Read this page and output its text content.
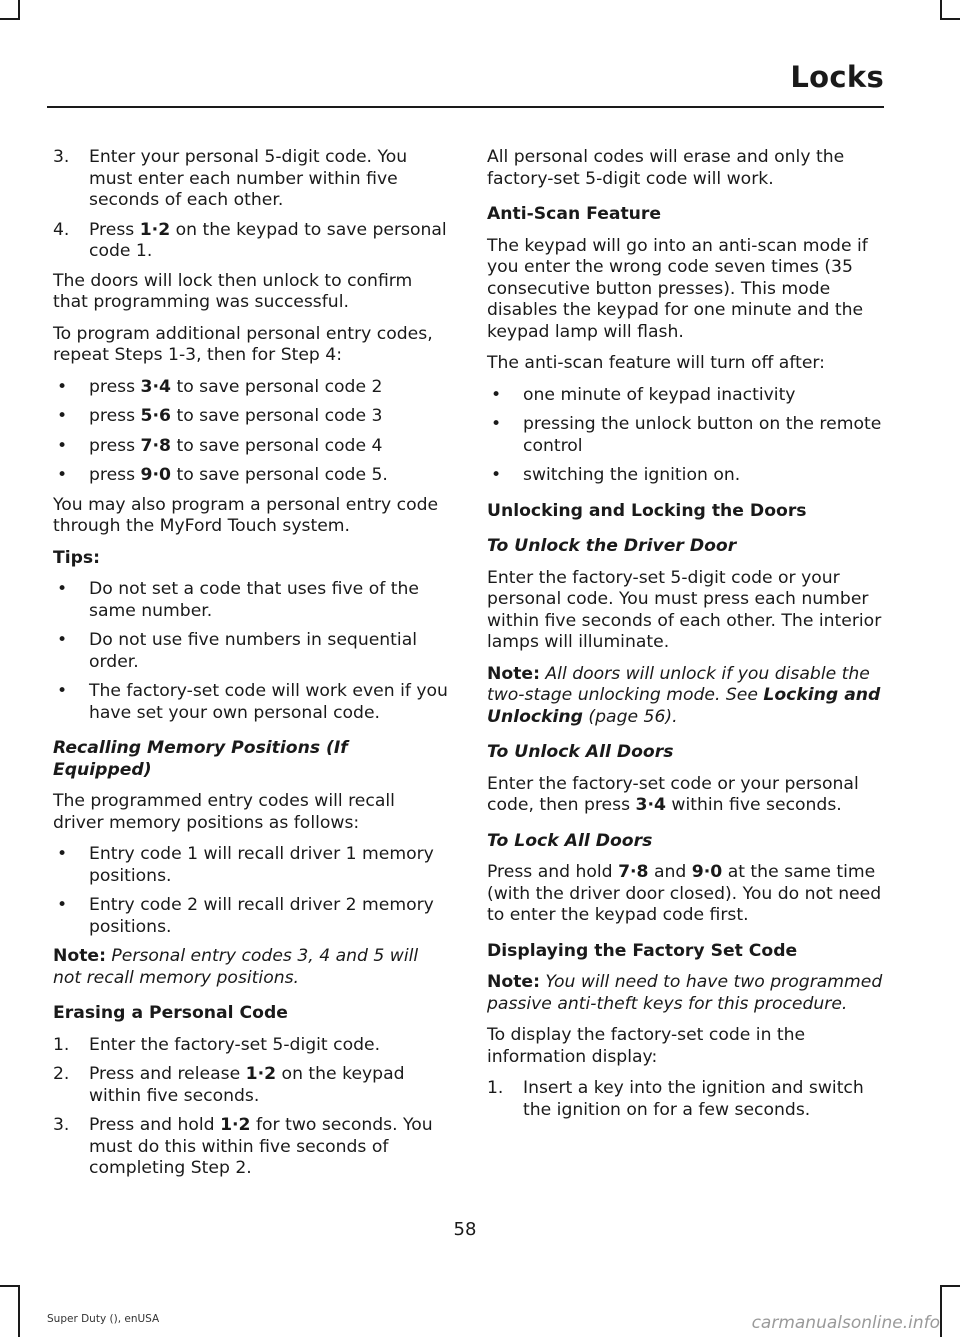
Locks
3. Enter your personal 5-digit code. You must enter each number within five seconds of each other.
4. Press 1·2 on the keypad to save personal code 1.

The doors will lock then unlock to confirm that programming was successful.

To program additional personal entry codes, repeat Steps 1-3, then for Step 4:

• press 3·4 to save personal code 2
• press 5·6 to save personal code 3
• press 7·8 to save personal code 4
• press 9·0 to save personal code 5.

You may also program a personal entry code through the MyFord Touch system.

Tips:
• Do not set a code that uses five of the same number.
• Do not use five numbers in sequential order.
• The factory-set code will work even if you have set your own personal code.
Recalling Memory Positions (If Equipped)

The programmed entry codes will recall driver memory positions as follows:

• Entry code 1 will recall driver 1 memory positions.
• Entry code 2 will recall driver 2 memory positions.
Note: Personal entry codes 3, 4 and 5 will not recall memory positions.
Erasing a Personal Code
1. Enter the factory-set 5-digit code.
2. Press and release 1·2 on the keypad within five seconds.
3. Press and hold 1·2 for two seconds. You must do this within five seconds of completing Step 2.

All personal codes will erase and only the factory-set 5-digit code will work.

Anti-Scan Feature

The keypad will go into an anti-scan mode if you enter the wrong code seven times (35 consecutive button presses). This mode disables the keypad for one minute and the keypad lamp will flash.

The anti-scan feature will turn off after:

• one minute of keypad inactivity
• pressing the unlock button on the remote control
• switching the ignition on.
Unlocking and Locking the Doors
To Unlock the Driver Door

Enter the factory-set 5-digit code or your personal code. You must press each number within five seconds of each other. The interior lamps will illuminate.

Note: All doors will unlock if you disable the two-stage unlocking mode. See Locking and Unlocking (page 56).
To Unlock All Doors

Enter the factory-set code or your personal code, then press 3·4 within five seconds.

To Lock All Doors

Press and hold 7·8 and 9·0 at the same time (with the driver door closed). You do not need to enter the keypad code first.

Displaying the Factory Set Code
Note: You will need to have two programmed passive anti-theft keys for this procedure.

To display the factory-set code in the information display:

1. Insert a key into the ignition and switch the ignition on for a few seconds.
58
Super Duty (), enUSA	carmanualsonline.info
